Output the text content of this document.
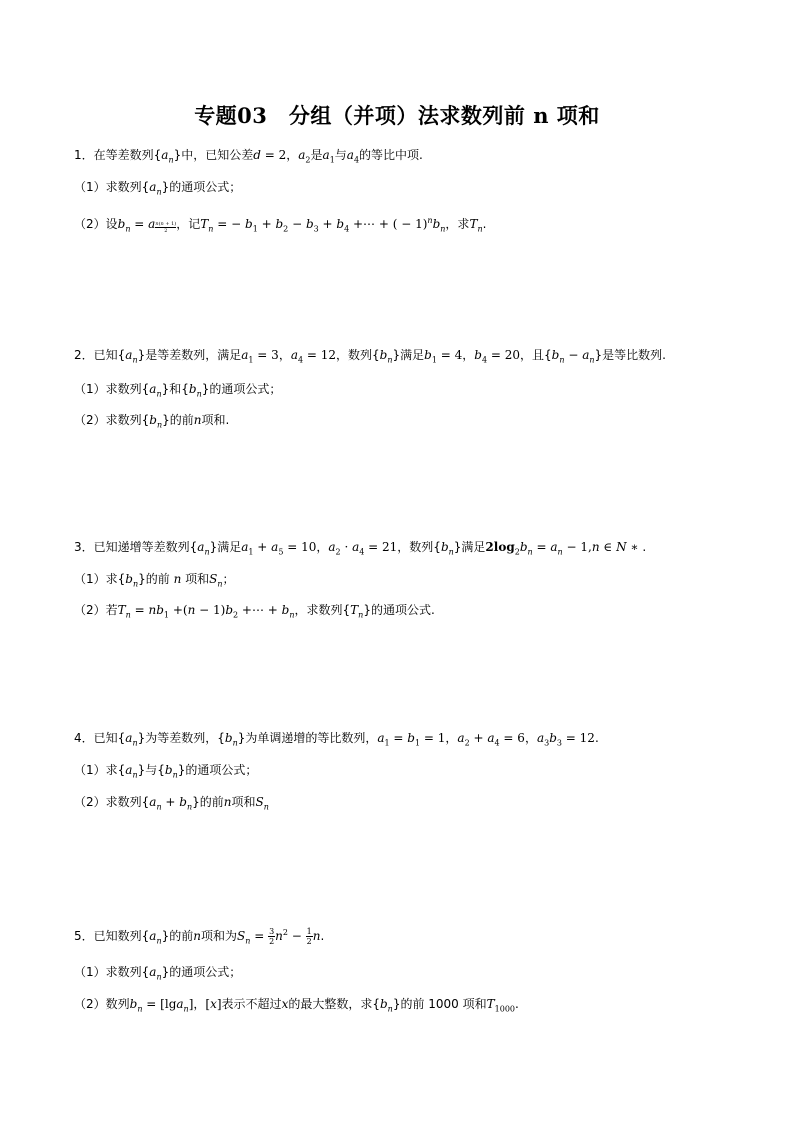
专题03　分组（并项）法求数列前 n 项和
1．在等差数列$\{a_n\}$中，已知公差d = 2，$a_2$是$a_1$与$a_4$的等比中项.
（1）求数列$\{a_n\}$的通项公式；
（2）设$b_n = a \frac{n(n + 1)}{2}$ ，记$T_n$ = − $b_1 + b_2 - b_3 + b_4$ +⋯ + ( − $1)^nb_n$，求$T_n$.
2．已知$\{a_n\}$是等差数列，满足$a_1 = 3$，$a_4 = 12$，数列$\{b_n\}$满足$b_1 = 4$，$b_4 = 20$，且$\{b_n - a_n\}$是等比数列.
（1）求数列$\{a_n\}$和$\{b_n\}$的通项公式；
（2）求数列$\{b_n\}$的前n项和.
3．已知递增等差数列$\{a_n\}$满足$a_1 + a_5 = 10$，$a_2 \cdot a_4 = 21$，数列$\{b_n\}$满足$2\log_2b_n = a_n - 1,n$ ∈ N ∗ .
（1）求$\{b_n\}$的前 n 项和$S_n$；
（2）若$T_n = nb_1 +(n - 1)b_2$ +⋯ + $b_n$，求数列$\{T_n\}$的通项公式.
4．已知$\{a_n\}$为等差数列，$\{b_n\}$为单调递增的等比数列，$a_1 = b_1 = 1$，$a_2 + a_4 = 6$，$a_3b_3 = 12$.
（1）求$\{a_n\}$与$\{b_n\}$的通项公式；
（2）求数列$\{a_n + b_n\}$的前n项和$S_n$
5．已知数列$\{a_n\}$的前n项和为$S_n = \frac{3}{2} n^2 - \frac{1}{2} n$.
（1）求数列$\{a_n\}$的通项公式；
（2）数列$b_n = [\lg a_n]$，[x]表示不超过x的最大整数，求$\{b_n\}$的前 1000 项和$T_{1000}$.
